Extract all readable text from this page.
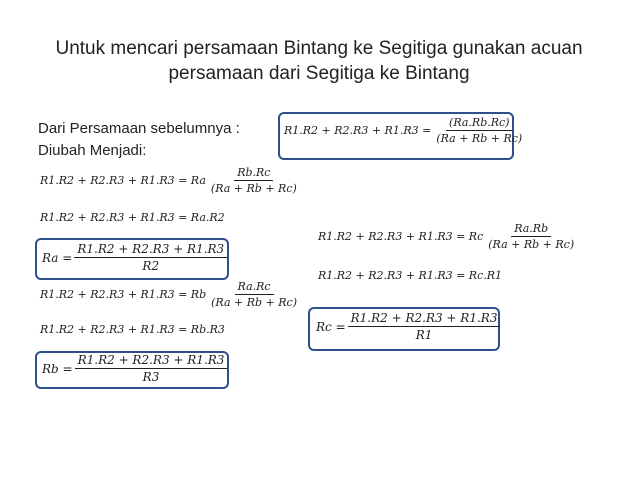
Untuk mencari persamaan Bintang ke Segitiga gunakan acuan persamaan dari Segitiga ke Bintang
Dari Persamaan sebelumnya :
Diubah Menjadi:
$R1.R2 + R2.R3 + R1.R3 = \frac{(Ra.Rb.Rc)}{(Ra + Rb + Rc)}$
R1.R2 + R2.R3 + R1.R3 = Ra $\frac{Rb.Rc}{(Ra + Rb + Rc)}$
R1.R2 + R2.R3 + R1.R3 = Ra.R2
$Ra = \frac{R1.R2 + R2.R3 + R1.R3}{R2}$
R1.R2 + R2.R3 + R1.R3 = Rb $\frac{Ra.Rc}{(Ra + Rb + Rc)}$
R1.R2 + R2.R3 + R1.R3 = Rb.R3
$Rb = \frac{R1.R2 + R2.R3 + R1.R3}{R3}$
R1.R2 + R2.R3 + R1.R3 = Rc $\frac{Ra.Rb}{(Ra + Rb + Rc)}$
R1.R2 + R2.R3 + R1.R3 = Rc.R1
$Rc = \frac{R1.R2 + R2.R3 + R1.R3}{R1}$
